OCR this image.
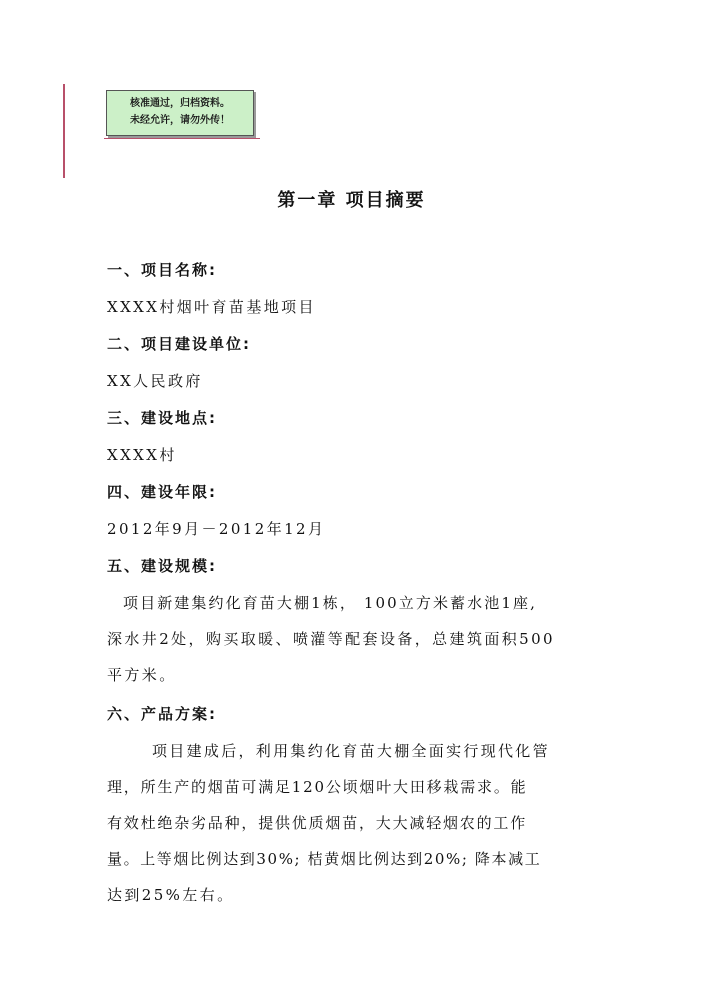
核准通过，归档资料。
未经允许，请勿外传！
第一章 项目摘要
一、项目名称:
XXXX村烟叶育苗基地项目
二、项目建设单位:
XX人民政府
三、建设地点:
XXXX村
四、建设年限:
2012年9月－2012年12月
五、建设规模:
项目新建集约化育苗大棚1栋， 100立方米蓄水池1座,
深水井2处，购买取暖、喷灌等配套设备，总建筑面积500
平方米。
六、产品方案:
项目建成后，利用集约化育苗大棚全面实行现代化管
理，所生产的烟苗可满足120公顷烟叶大田移栽需求。能
有效杜绝杂劣品种，提供优质烟苗，大大减轻烟农的工作
量。上等烟比例达到30%; 桔黄烟比例达到20%; 降本减工
达到25%左右。
